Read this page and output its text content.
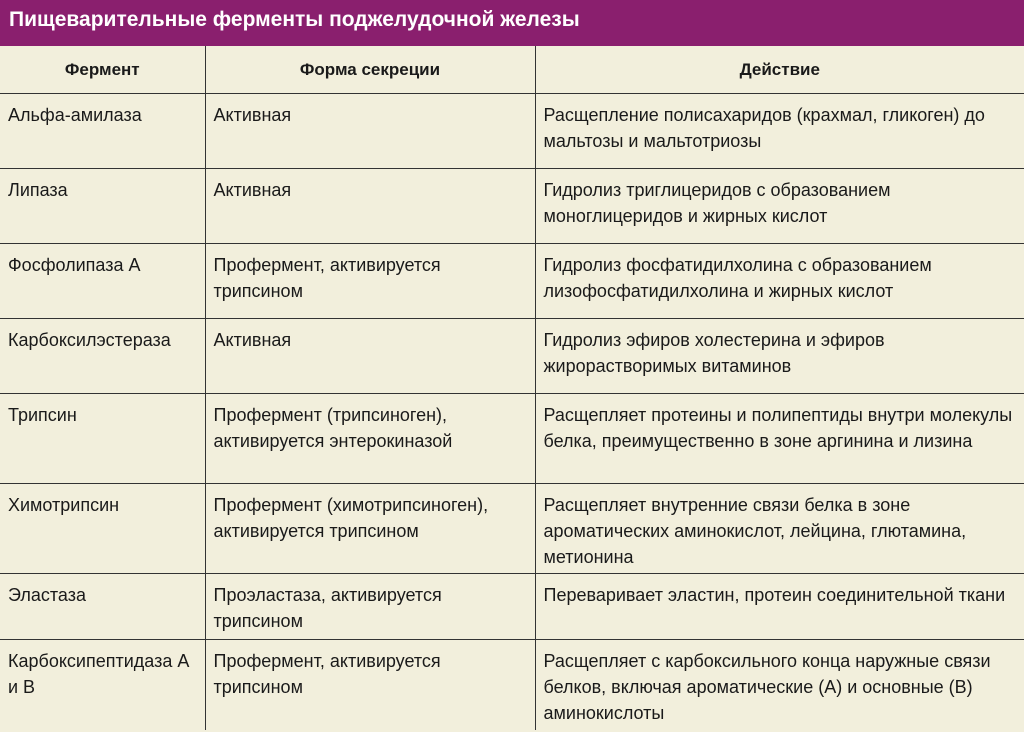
Пищеварительные ферменты поджелудочной железы
Фермент	Форма секреции	Действие
Альфа-амилаза	Активная	Расщепление полисахаридов (крахмал, гликоген) до мальтозы и мальтотриозы
Липаза	Активная	Гидролиз триглицеридов с образованием моноглицеридов и жирных кислот
Фосфолипаза А	Профермент, активируется трипсином	Гидролиз фосфатидилхолина с образованием лизофосфатидилхолина и жирных кислот
Карбоксилэстераза	Активная	Гидролиз эфиров холестерина и эфиров жирорастворимых витаминов
Трипсин	Профермент (трипсиноген), активируется энтерокиназой	Расщепляет протеины и полипептиды внутри молекулы белка, преимущественно в зоне аргинина и лизина
Химотрипсин	Профермент (химотрипсиноген), активируется трипсином	Расщепляет внутренние связи белка в зоне ароматических аминокислот, лейцина, глютамина, метионина
Эластаза	Проэластаза, активируется трипсином	Переваривает эластин, протеин соединительной ткани
Карбоксипептидаза А и В	Профермент, активируется трипсином	Расщепляет с карбоксильного конца наружные связи белков, включая ароматические (А) и основные (В) аминокислоты
